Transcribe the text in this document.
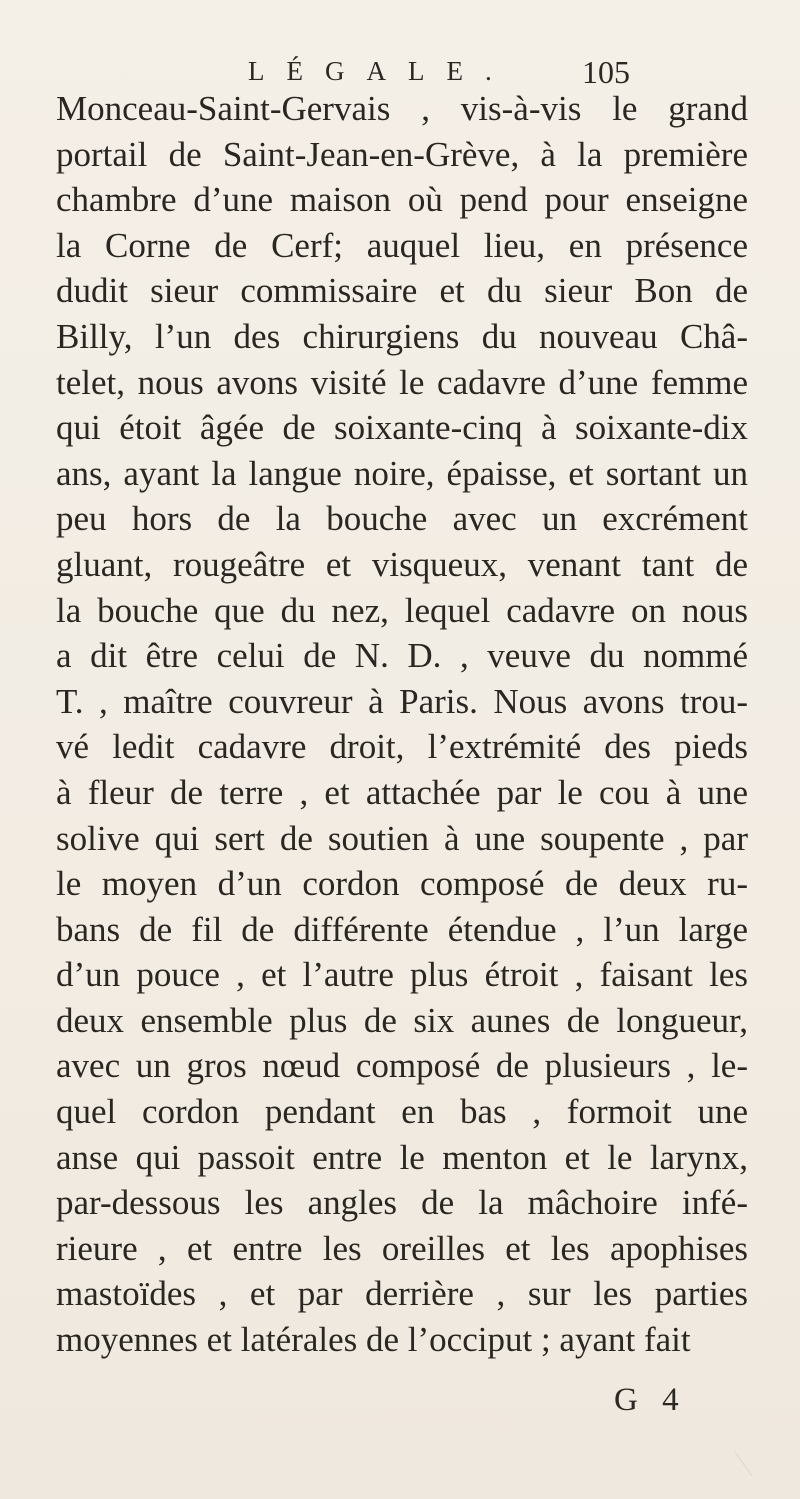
LÉGALE. 105
Monceau-Saint-Gervais , vis-à-vis le grand
portail de Saint-Jean-en-Grève, à la première
chambre d’une maison où pend pour enseigne
la Corne de Cerf; auquel lieu, en présence
dudit sieur commissaire et du sieur Bon de
Billy, l’un des chirurgiens du nouveau Châ-
telet, nous avons visité le cadavre d’une femme
qui étoit âgée de soixante-cinq à soixante-dix
ans, ayant la langue noire, épaisse, et sortant un
peu hors de la bouche avec un excrément
gluant, rougeâtre et visqueux, venant tant de
la bouche que du nez, lequel cadavre on nous
a dit être celui de N. D. , veuve du nommé
T. , maître couvreur à Paris. Nous avons trou-
vé ledit cadavre droit, l’extrémité des pieds
à fleur de terre , et attachée par le cou à une
solive qui sert de soutien à une soupente , par
le moyen d’un cordon composé de deux ru-
bans de fil de différente étendue , l’un large
d’un pouce , et l’autre plus étroit , faisant les
deux ensemble plus de six aunes de longueur,
avec un gros nœud composé de plusieurs , le-
quel cordon pendant en bas , formoit une
anse qui passoit entre le menton et le larynx,
par-dessous les angles de la mâchoire infé-
rieure , et entre les oreilles et les apophises
mastoïdes , et par derrière , sur les parties
moyennes et latérales de l’occiput ; ayant fait
G 4
